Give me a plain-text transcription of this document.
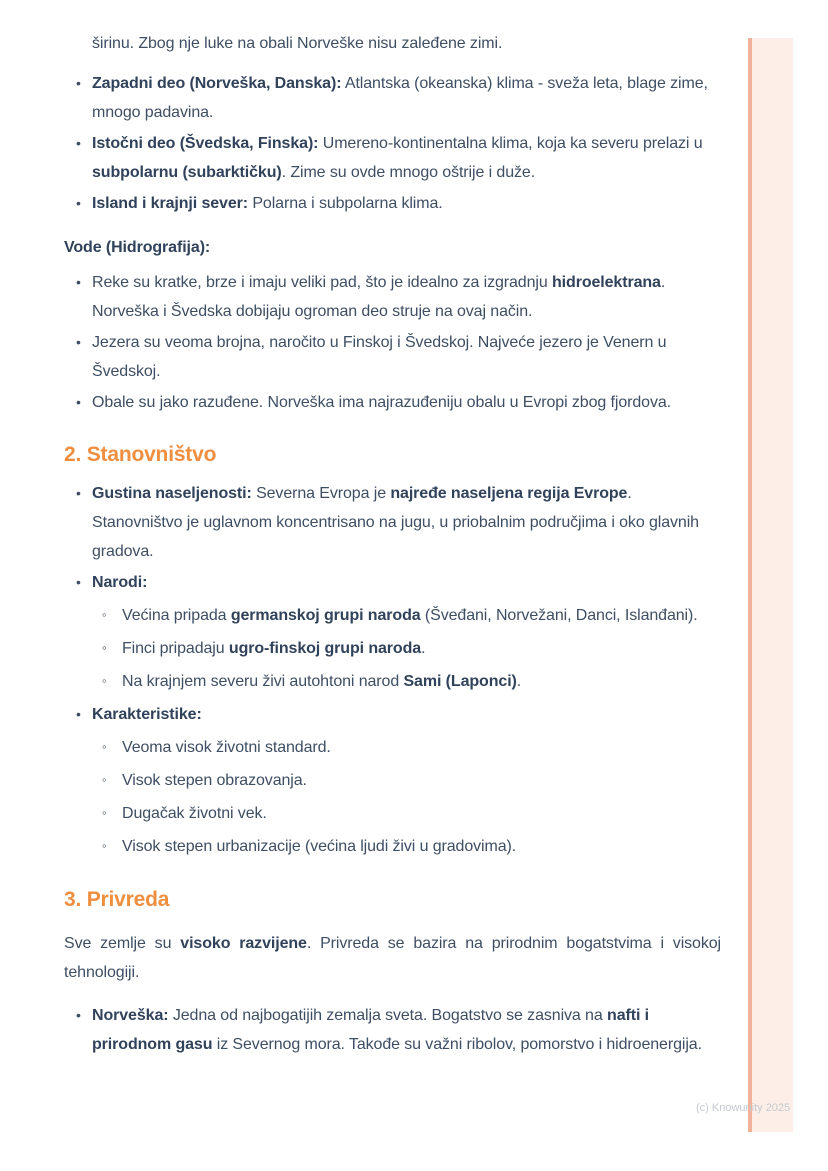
širinu. Zbog nje luke na obali Norveške nisu zaleđene zimi.

• Zapadni deo (Norveška, Danska): Atlantska (okeanska) klima - sveža leta, blage zime, mnogo padavina.
• Istočni deo (Švedska, Finska): Umereno-kontinentalna klima, koja ka severu prelazi u subpolarnu (subarktičku). Zime su ovde mnogo oštrije i duže.
• Island i krajnji sever: Polarna i subpolarna klima.
Vode (Hidrografija):
• Reke su kratke, brze i imaju veliki pad, što je idealno za izgradnju hidroelektrana. Norveška i Švedska dobijaju ogroman deo struje na ovaj način.
• Jezera su veoma brojna, naročito u Finskoj i Švedskoj. Najveće jezero je Venern u Švedskoj.
• Obale su jako razuđene. Norveška ima najrazuđeniju obalu u Evropi zbog fjordova.
2. Stanovništvo
• Gustina naseljenosti: Severna Evropa je najređe naseljena regija Evrope. Stanovništvo je uglavnom koncentrisano na jugu, u priobalnim područjima i oko glavnih gradova.
• Narodi:
◦ Većina pripada germanskoj grupi naroda (Šveđani, Norvežani, Danci, Islanđani).
◦ Finci pripadaju ugro-finskoj grupi naroda.
◦ Na krajnjem severu živi autohtoni narod Sami (Laponci).
• Karakteristike:
◦ Veoma visok životni standard.
◦ Visok stepen obrazovanja.
◦ Dugačak životni vek.
◦ Visok stepen urbanizacije (većina ljudi živi u gradovima).
3. Privreda

Sve zemlje su visoko razvijene. Privreda se bazira na prirodnim bogatstvima i visokoj tehnologiji.

• Norveška: Jedna od najbogatijih zemalja sveta. Bogatstvo se zasniva na nafti i prirodnom gasu iz Severnog mora. Takođe su važni ribolov, pomorstvo i hidroenergija.
(c) Knowunity 2025
